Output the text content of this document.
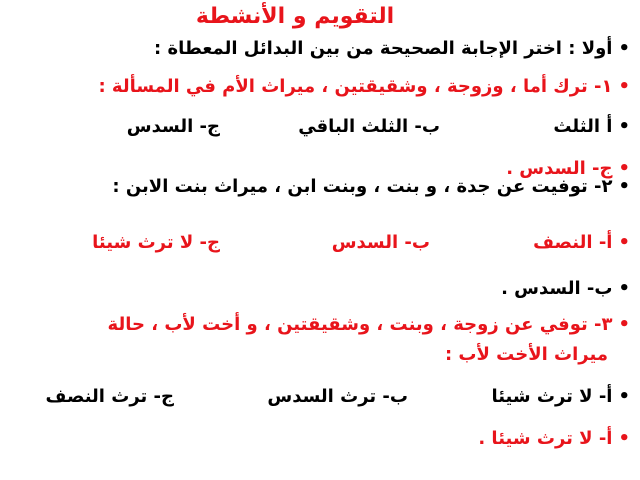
التقويم و الأنشطة
•أولا : اختر الإجابة الصحيحة من بين البدائل المعطاة :
•١- ترك أما ، وزوجة ، وشقيقتين ، ميراث الأم في المسألة :
•أ الثلث
ب- الثلث الباقي
ج- السدس
•ج- السدس .
•٢- توفيت عن جدة ، و بنت ، وبنت ابن ، ميراث بنت الابن :
•أ- النصف
ب- السدس
ج- لا ترث شيئا
•ب- السدس .
•٣- توفي عن زوجة ، وبنت ، وشقيقتين ، و أخت لأب ، حالة
ميراث الأخت لأب :
•أ- لا ترث شيئا
ب- ترث السدس
ج- ترث النصف
•أ- لا ترث شيئا .
